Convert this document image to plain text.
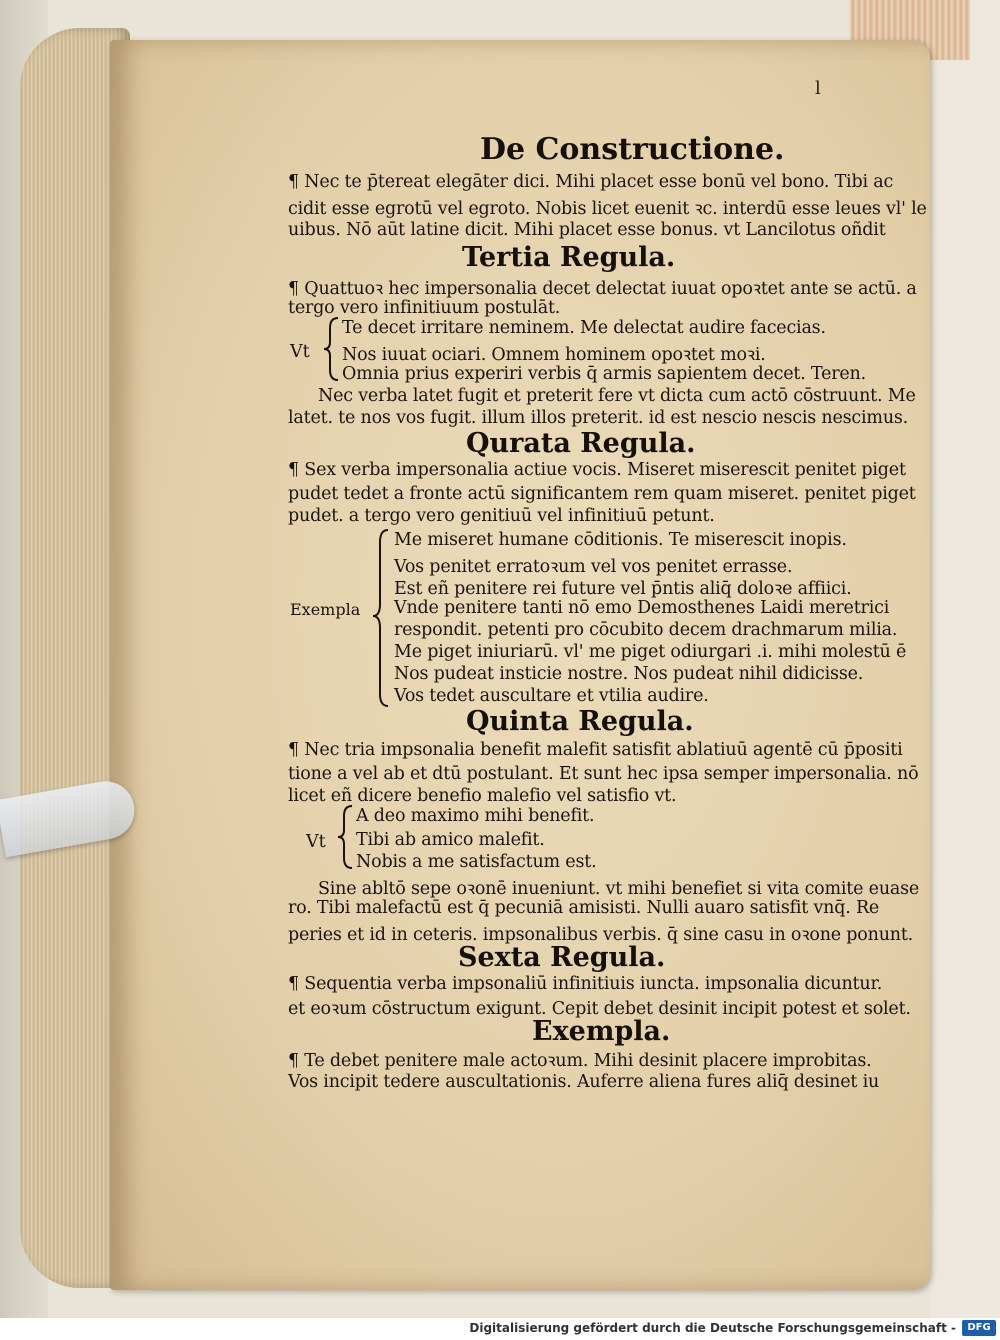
l
De Constructione.
¶ Nec te p̄tereat elegāter dici. Mihi placet esse bonū vel bono. Tibi ac
cidit esse egrotū vel egroto. Nobis licet euenit ꝛc. interdū esse leues vl' le
uibus. Nō aūt latine dicit. Mihi placet esse bonus. vt Lancilotus oñdit
Tertia Regula.
¶ Quattuoꝛ hec impersonalia decet delectat iuuat opoꝛtet ante se actū. a
tergo vero infinitiuum postulāt.
Vt
Te decet irritare neminem. Me delectat audire facecias.
Nos iuuat ociari. Omnem hominem opoꝛtet moꝛi.
Omnia prius experiri verbis q̄ armis sapientem decet. Teren.
Nec verba latet fugit et preterit fere vt dicta cum actō cōstruunt. Me
latet. te nos vos fugit. illum illos preterit. id est nescio nescis nescimus.
Qurata Regula.
¶ Sex verba impersonalia actiue vocis. Miseret miserescit penitet piget
pudet tedet a fronte actū significantem rem quam miseret. penitet piget
pudet. a tergo vero genitiuū vel infinitiuū petunt.
Exempla
Me miseret humane cōditionis. Te miserescit inopis.
Vos penitet erratoꝛum vel vos penitet errasse.
Est eñ penitere rei future vel p̄ntis aliq̄ doloꝛe affiici.
Vnde penitere tanti nō emo Demosthenes Laidi meretrici
respondit. petenti pro cōcubito decem drachmarum milia.
Me piget iniuriarū. vl' me piget odiurgari .i. mihi molestū ē
Nos pudeat insticie nostre. Nos pudeat nihil didicisse.
Vos tedet auscultare et vtilia audire.
Quinta Regula.
¶ Nec tria impsonalia benefit malefit satisfit ablatiuū agentē cū p̄positi
tione a vel ab et dtū postulant. Et sunt hec ipsa semper impersonalia. nō
licet eñ dicere benefio malefio vel satisfio vt.
Vt
A deo maximo mihi benefit.
Tibi ab amico malefit.
Nobis a me satisfactum est.
Sine abltō sepe oꝛonē inueniunt. vt mihi benefiet si vita comite euase
ro. Tibi malefactū est q̄ pecuniā amisisti. Nulli auaro satisfit vnq̄. Re
peries et id in ceteris. impsonalibus verbis. q̄ sine casu in oꝛone ponunt.
Sexta Regula.
¶ Sequentia verba impsonaliū infinitiuis iuncta. impsonalia dicuntur.
et eoꝛum cōstructum exigunt. Cepit debet desinit incipit potest et solet.
Exempla.
¶ Te debet penitere male actoꝛum. Mihi desinit placere improbitas.
Vos incipit tedere auscultationis. Auferre aliena fures aliq̄ desinet iu
Digitalisierung gefördert durch die Deutsche Forschungsgemeinschaft -	DFG
